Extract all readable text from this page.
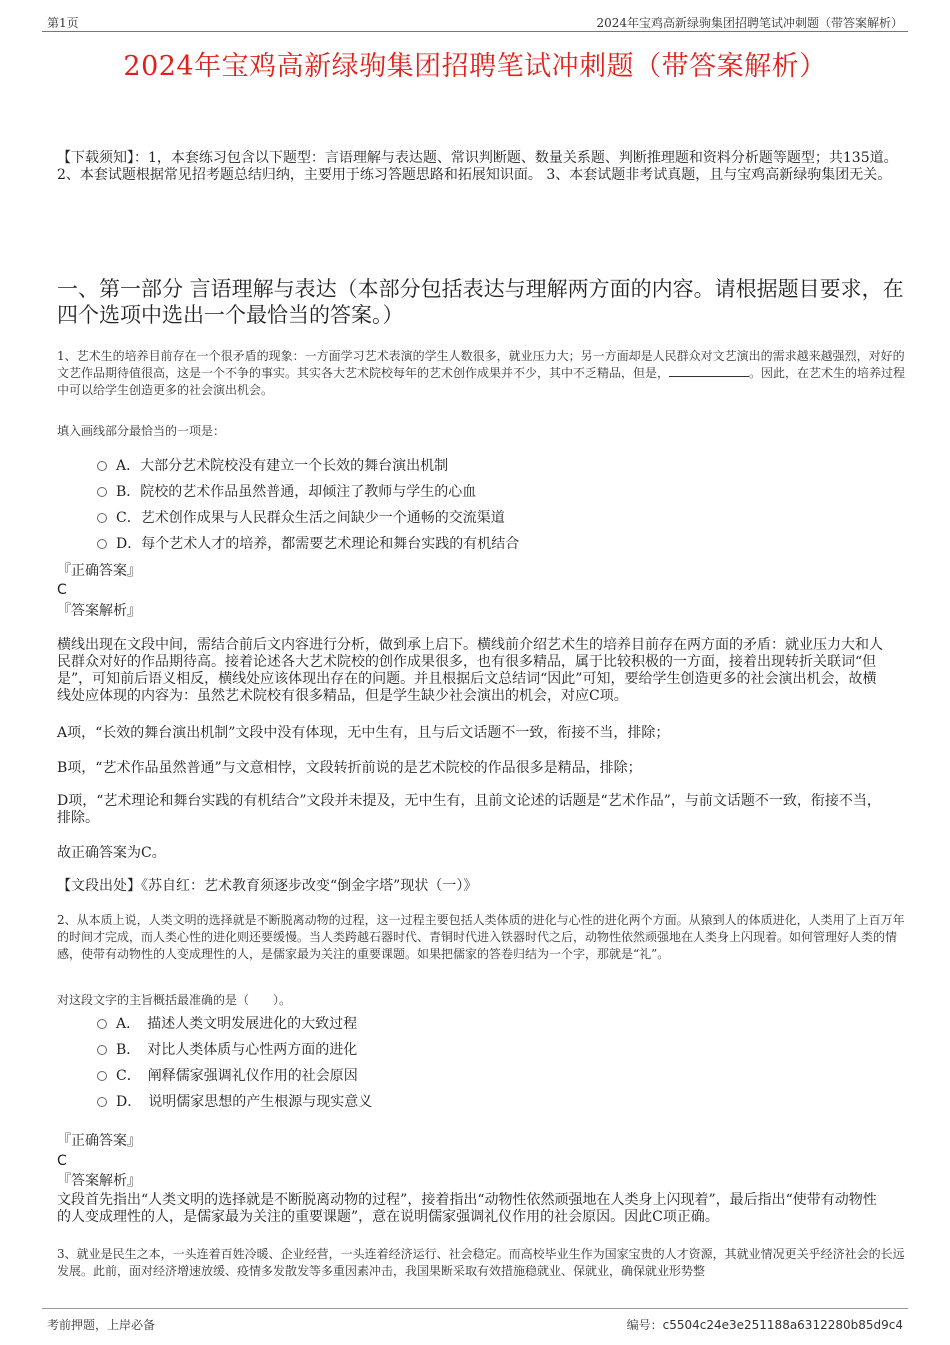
第1页	2024年宝鸡高新绿驹集团招聘笔试冲刺题（带答案解析）
2024年宝鸡高新绿驹集团招聘笔试冲刺题（带答案解析）
【下载须知】：1，本套练习包含以下题型：言语理解与表达题、常识判断题、数量关系题、判断推理题和资料分析题等题型；共135道。 2、本套试题根据常见招考题总结归纳，主要用于练习答题思路和拓展知识面。 3、本套试题非考试真题，且与宝鸡高新绿驹集团无关。
一、第一部分 言语理解与表达（本部分包括表达与理解两方面的内容。请根据题目要求，在四个选项中选出一个最恰当的答案。）
1、艺术生的培养目前存在一个很矛盾的现象：一方面学习艺术表演的学生人数很多，就业压力大；另一方面却是人民群众对文艺演出的需求越来越强烈，对好的文艺作品期待值很高，这是一个不争的事实。其实各大艺术院校每年的艺术创作成果并不少，其中不乏精品，但是，	。因此，在艺术生的培养过程中可以给学生创造更多的社会演出机会。
填入画线部分最恰当的一项是：
A．大部分艺术院校没有建立一个长效的舞台演出机制
B．院校的艺术作品虽然普通，却倾注了教师与学生的心血
C．艺术创作成果与人民群众生活之间缺少一个通畅的交流渠道
D．每个艺术人才的培养，都需要艺术理论和舞台实践的有机结合
『正确答案』
C
『答案解析』
横线出现在文段中间，需结合前后文内容进行分析，做到承上启下。横线前介绍艺术生的培养目前存在两方面的矛盾：就业压力大和人民群众对好的作品期待高。接着论述各大艺术院校的创作成果很多，也有很多精品，属于比较积极的一方面，接着出现转折关联词“但是”，可知前后语义相反，横线处应该体现出存在的问题。并且根据后文总结词“因此”可知，要给学生创造更多的社会演出机会，故横线处应体现的内容为：虽然艺术院校有很多精品，但是学生缺少社会演出的机会，对应C项。
A项，“长效的舞台演出机制”文段中没有体现，无中生有，且与后文话题不一致，衔接不当，排除；
B项，“艺术作品虽然普通”与文意相悖，文段转折前说的是艺术院校的作品很多是精品，排除；
D项，“艺术理论和舞台实践的有机结合”文段并未提及，无中生有，且前文论述的话题是“艺术作品”，与前文话题不一致，衔接不当，排除。
故正确答案为C。
【文段出处】《苏自红：艺术教育须逐步改变“倒金字塔”现状（一）》
2、从本质上说，人类文明的选择就是不断脱离动物的过程，这一过程主要包括人类体质的进化与心性的进化两个方面。从猿到人的体质进化，人类用了上百万年的时间才完成，而人类心性的进化则还要缓慢。当人类跨越石器时代、青铜时代进入铁器时代之后，动物性依然顽强地在人类身上闪现着。如何管理好人类的情感，使带有动物性的人变成理性的人，是儒家最为关注的重要课题。如果把儒家的答卷归结为一个字，那就是“礼”。
对这段文字的主旨概括最准确的是（　　）。
A．　描述人类文明发展进化的大致过程
B．　对比人类体质与心性两方面的进化
C．　阐释儒家强调礼仪作用的社会原因
D．　说明儒家思想的产生根源与现实意义
『正确答案』
C
『答案解析』
文段首先指出“人类文明的选择就是不断脱离动物的过程”，接着指出“动物性依然顽强地在人类身上闪现着”，最后指出“使带有动物性的人变成理性的人，是儒家最为关注的重要课题”，意在说明儒家强调礼仪作用的社会原因。因此C项正确。
3、就业是民生之本，一头连着百姓冷暖、企业经营，一头连着经济运行、社会稳定。而高校毕业生作为国家宝贵的人才资源，其就业情况更关乎经济社会的长远发展。此前，面对经济增速放缓、疫情多发散发等多重因素冲击，我国果断采取有效措施稳就业、保就业，确保就业形势整
考前押题，上岸必备	编号：c5504c24e3e251188a6312280b85d9c4
